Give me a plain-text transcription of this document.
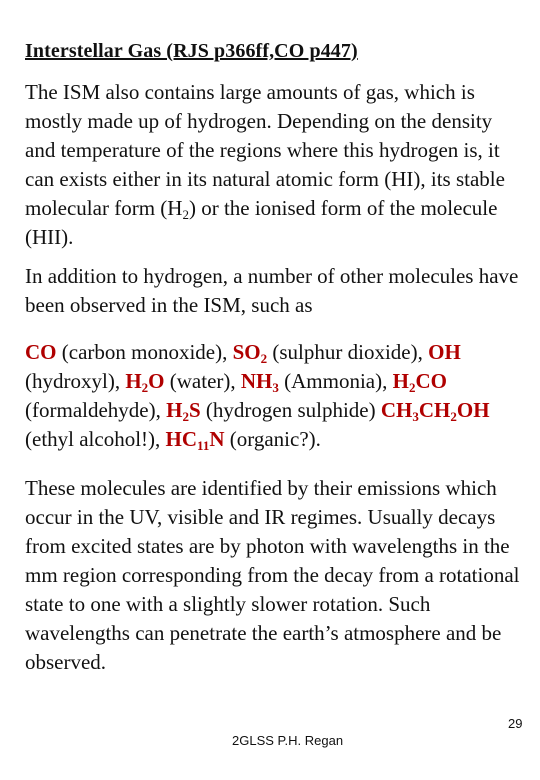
Interstellar Gas (RJS p366ff,CO p447)

The ISM also contains large amounts of gas, which is mostly made up of hydrogen. Depending on the density and temperature of the regions where this hydrogen is, it can exists either in its natural atomic form (HI), its stable molecular form $(H_2)$ or the ionised form of the molecule (HII).

In addition to hydrogen, a number of other molecules have been observed in the ISM, such as

CO (carbon monoxide), $SO_2$ (sulphur dioxide), OH (hydroxyl), $H_2O$ (water), $NH_3$ (Ammonia), $H_2CO$ (formaldehyde), $H_2S$ (hydrogen sulphide) $CH_3CH_2OH$ (ethyl alcohol!), $HC_{11}N$ (organic?).

These molecules are identified by their emissions which occur in the UV, visible and IR regimes. Usually decays from excited states are by photon with wavelengths in the mm region corresponding from the decay from a rotational state to one with a slightly slower rotation. Such wavelengths can penetrate the earth’s atmosphere and be observed.

29
2GLSS P.H. Regan
